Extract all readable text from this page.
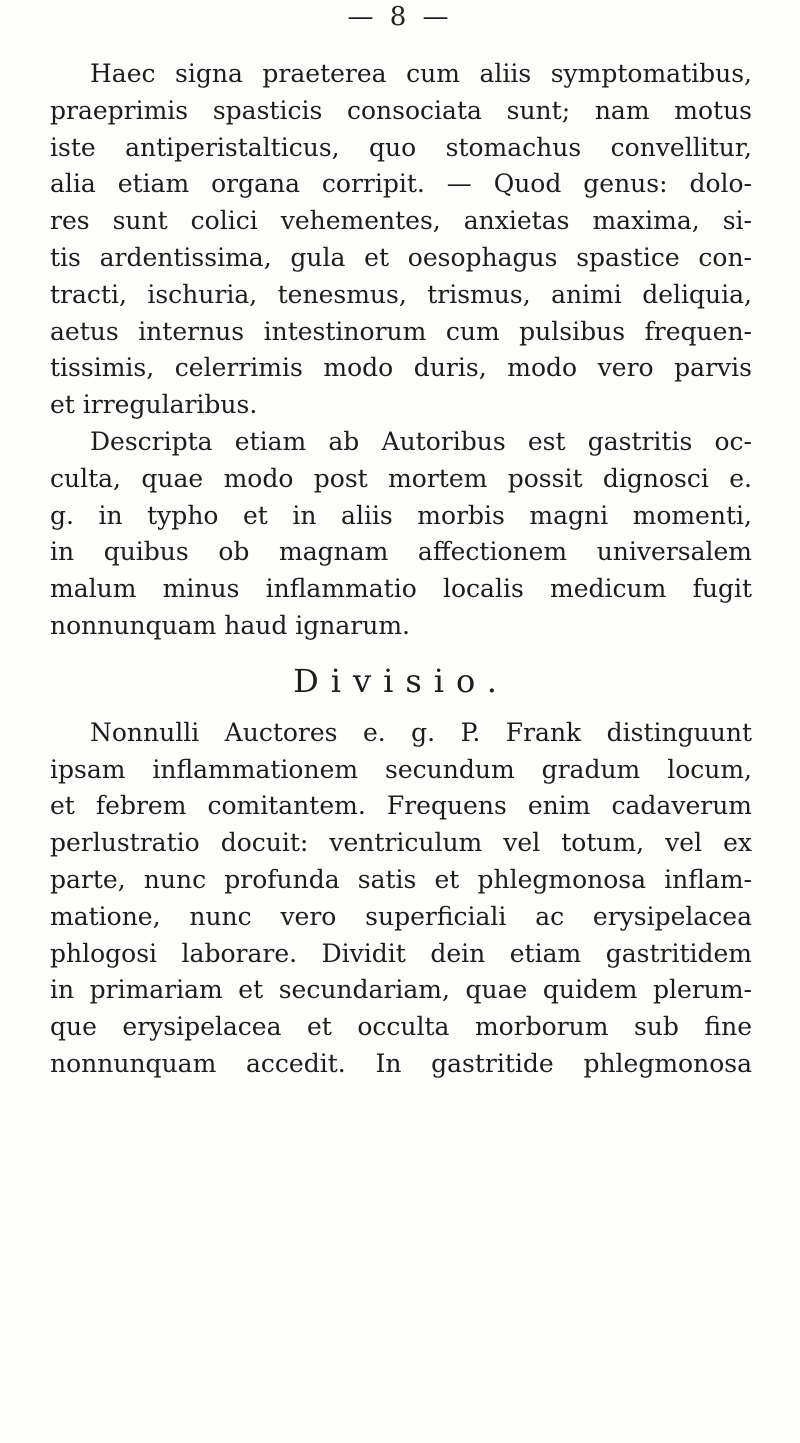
— 8 —
Haec signa praeterea cum aliis symptomatibus,
praeprimis spasticis consociata sunt; nam motus
iste antiperistalticus, quo stomachus convellitur,
alia etiam organa corripit. — Quod genus: dolo-
res sunt colici vehementes, anxietas maxima, si-
tis ardentissima, gula et oesophagus spastice con-
tracti, ischuria, tenesmus, trismus, animi deliquia,
aetus internus intestinorum cum pulsibus frequen-
tissimis, celerrimis modo duris, modo vero parvis
et irregularibus.
Descripta etiam ab Autoribus est gastritis oc-
culta, quae modo post mortem possit dignosci e.
g. in typho et in aliis morbis magni momenti,
in quibus ob magnam affectionem universalem
malum minus inflammatio localis medicum fugit
nonnunquam haud ignarum.
Divisio.
Nonnulli Auctores e. g. P. Frank distinguunt
ipsam inflammationem secundum gradum locum,
et febrem comitantem. Frequens enim cadaverum
perlustratio docuit: ventriculum vel totum, vel ex
parte, nunc profunda satis et phlegmonosa inflam-
matione, nunc vero superficiali ac erysipelacea
phlogosi laborare. Dividit dein etiam gastritidem
in primariam et secundariam, quae quidem plerum-
que erysipelacea et occulta morborum sub fine
nonnunquam accedit. In gastritide phlegmonosa
